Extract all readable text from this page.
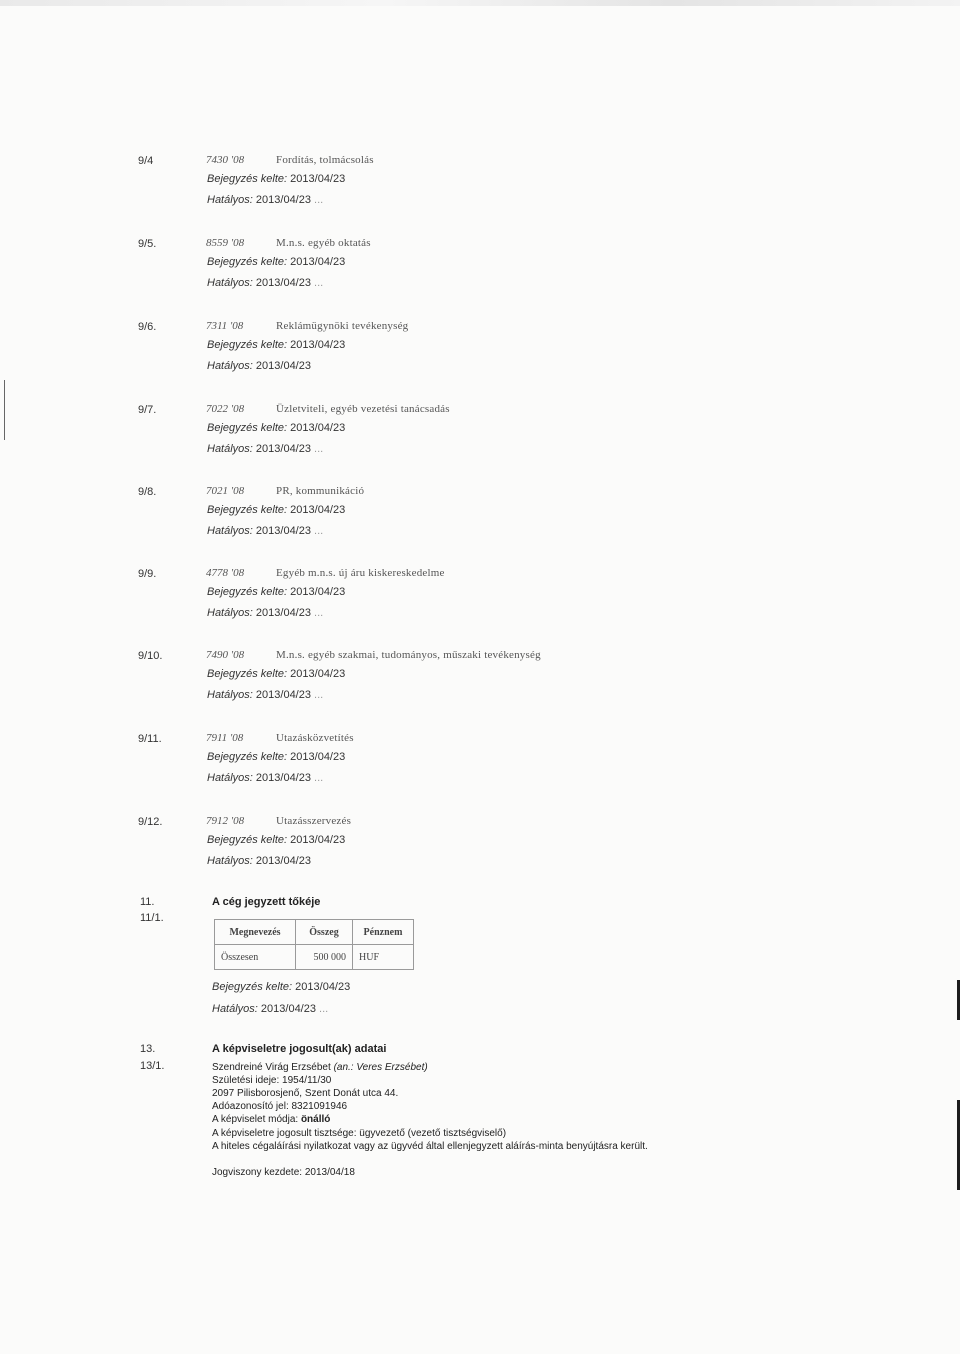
9/4	7430 '08	Fordítás, tolmácsolás
Bejegyzés kelte: 2013/04/23
Hatályos: 2013/04/23 ...
9/5.	8559 '08	M.n.s. egyéb oktatás
Bejegyzés kelte: 2013/04/23
Hatályos: 2013/04/23 ...
9/6.	7311 '08	Reklámügynöki tevékenység
Bejegyzés kelte: 2013/04/23
Hatályos: 2013/04/23
9/7.	7022 '08	Üzletviteli, egyéb vezetési tanácsadás
Bejegyzés kelte: 2013/04/23
Hatályos: 2013/04/23 ...
9/8.	7021 '08	PR, kommunikáció
Bejegyzés kelte: 2013/04/23
Hatályos: 2013/04/23 ...
9/9.	4778 '08	Egyéb m.n.s. új áru kiskereskedelme
Bejegyzés kelte: 2013/04/23
Hatályos: 2013/04/23 ...
9/10.	7490 '08	M.n.s. egyéb szakmai, tudományos, műszaki tevékenység
Bejegyzés kelte: 2013/04/23
Hatályos: 2013/04/23 ...
9/11.	7911 '08	Utazásközvetítés
Bejegyzés kelte: 2013/04/23
Hatályos: 2013/04/23 ...
9/12.	7912 '08	Utazásszervezés
Bejegyzés kelte: 2013/04/23
Hatályos: 2013/04/23
11.
11/1.
A cég jegyzett tőkéje
Megnevezés	Összeg	Pénznem
Összesen	500 000	HUF
Bejegyzés kelte: 2013/04/23
Hatályos: 2013/04/23 ...
13.
13/1.
A képviseletre jogosult(ak) adatai
Szendreiné Virág Erzsébet (an.: Veres Erzsébet)
Születési ideje: 1954/11/30
2097 Pilisborosjenő, Szent Donát utca 44.
Adóazonosító jel: 8321091946
A képviselet módja: önálló
A képviseletre jogosult tisztsége: ügyvezető (vezető tisztségviselő)
A hiteles cégaláírási nyilatkozat vagy az ügyvéd által ellenjegyzett aláírás-minta benyújtásra került.
Jogviszony kezdete: 2013/04/18
